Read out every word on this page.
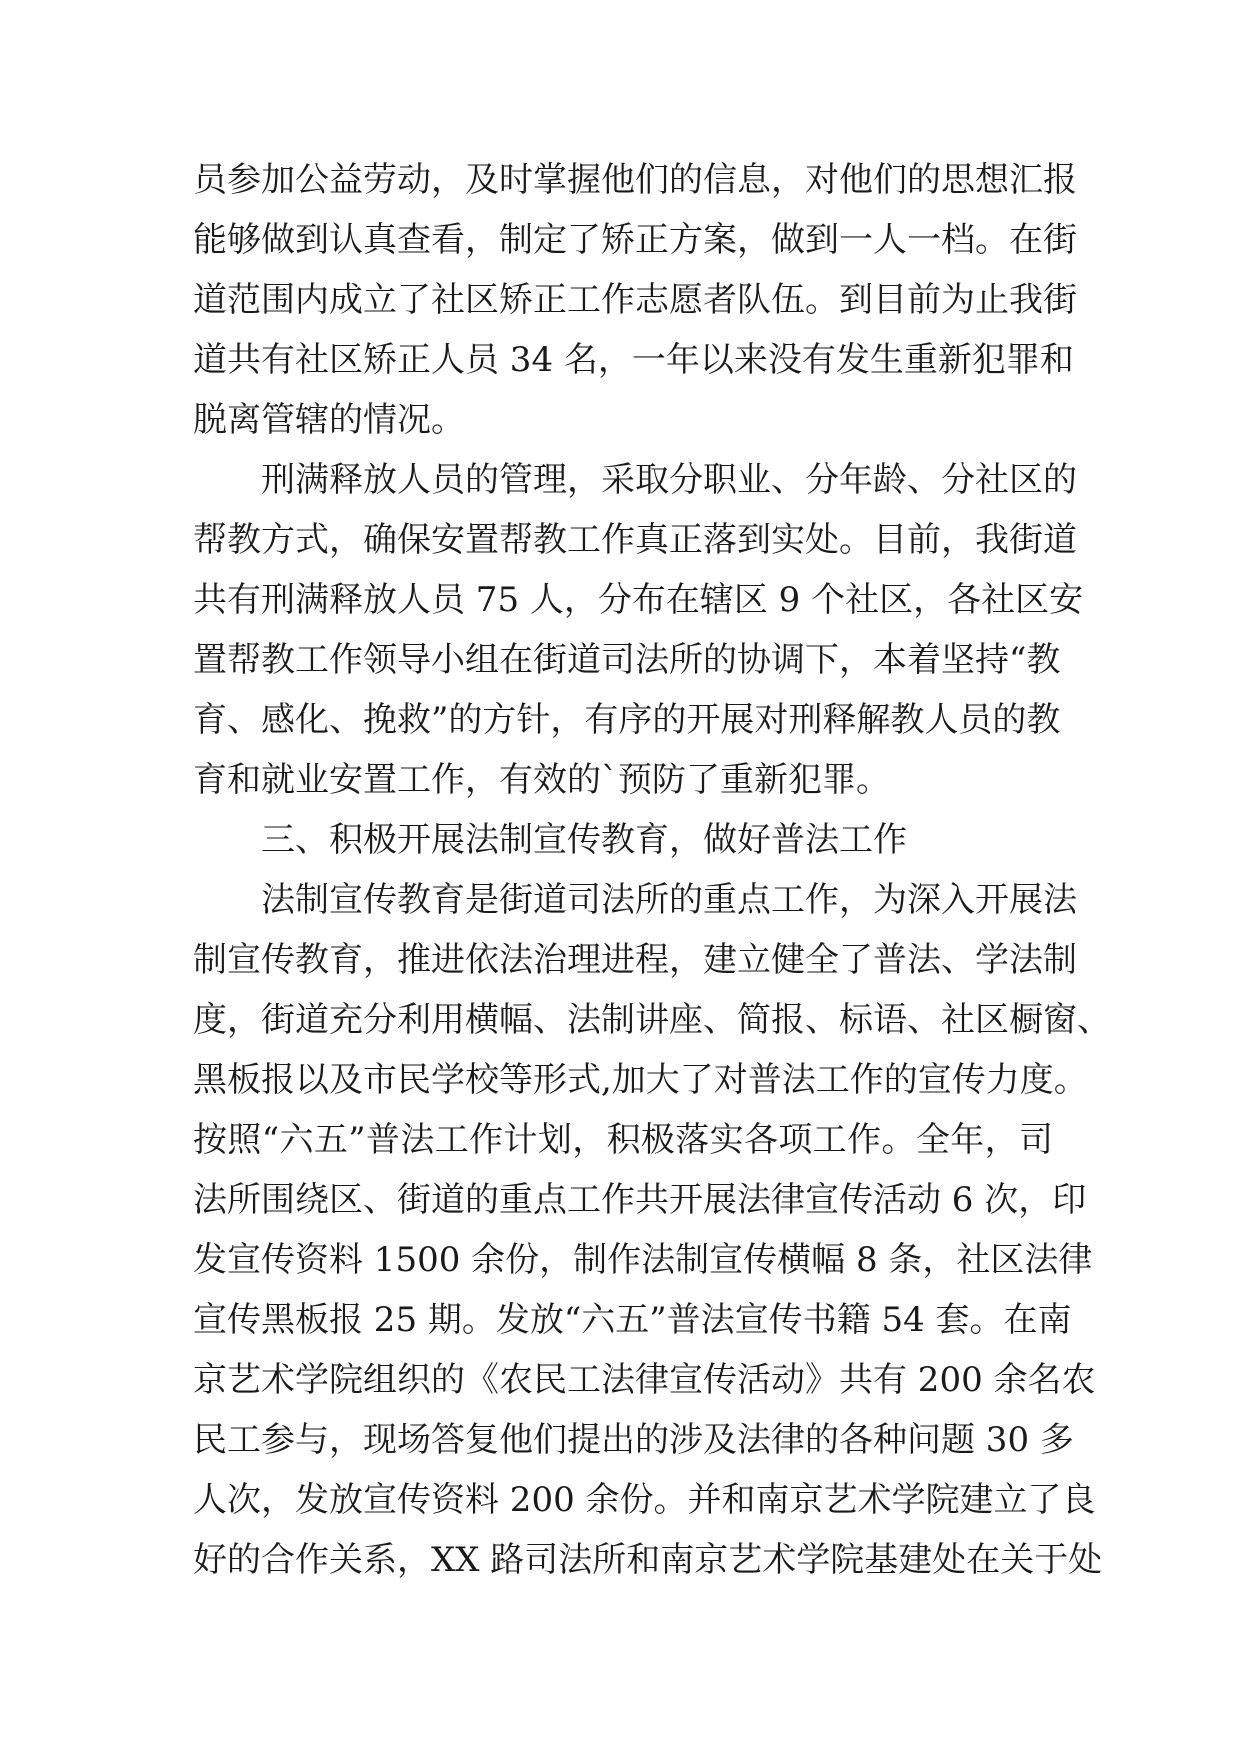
员参加公益劳动，及时掌握他们的信息，对他们的思想汇报
能够做到认真查看，制定了矫正方案，做到一人一档。在街
道范围内成立了社区矫正工作志愿者队伍。到目前为止我街
道共有社区矫正人员 34 名，一年以来没有发生重新犯罪和
脱离管辖的情况。
刑满释放人员的管理，采取分职业、分年龄、分社区的
帮教方式，确保安置帮教工作真正落到实处。目前，我街道
共有刑满释放人员 75 人，分布在辖区 9 个社区，各社区安
置帮教工作领导小组在街道司法所的协调下，本着坚持“教
育、感化、挽救”的方针，有序的开展对刑释解教人员的教
育和就业安置工作，有效的`预防了重新犯罪。
三、积极开展法制宣传教育，做好普法工作
法制宣传教育是街道司法所的重点工作，为深入开展法
制宣传教育，推进依法治理进程，建立健全了普法、学法制
度，街道充分利用横幅、法制讲座、简报、标语、社区橱窗、
黑板报以及市民学校等形式,加大了对普法工作的宣传力度。
按照“六五”普法工作计划，积极落实各项工作。全年，司
法所围绕区、街道的重点工作共开展法律宣传活动 6 次，印
发宣传资料 1500 余份，制作法制宣传横幅 8 条，社区法律
宣传黑板报 25 期。发放“六五”普法宣传书籍 54 套。在南
京艺术学院组织的《农民工法律宣传活动》共有 200 余名农
民工参与，现场答复他们提出的涉及法律的各种问题 30 多
人次，发放宣传资料 200 余份。并和南京艺术学院建立了良
好的合作关系，XX 路司法所和南京艺术学院基建处在关于处
